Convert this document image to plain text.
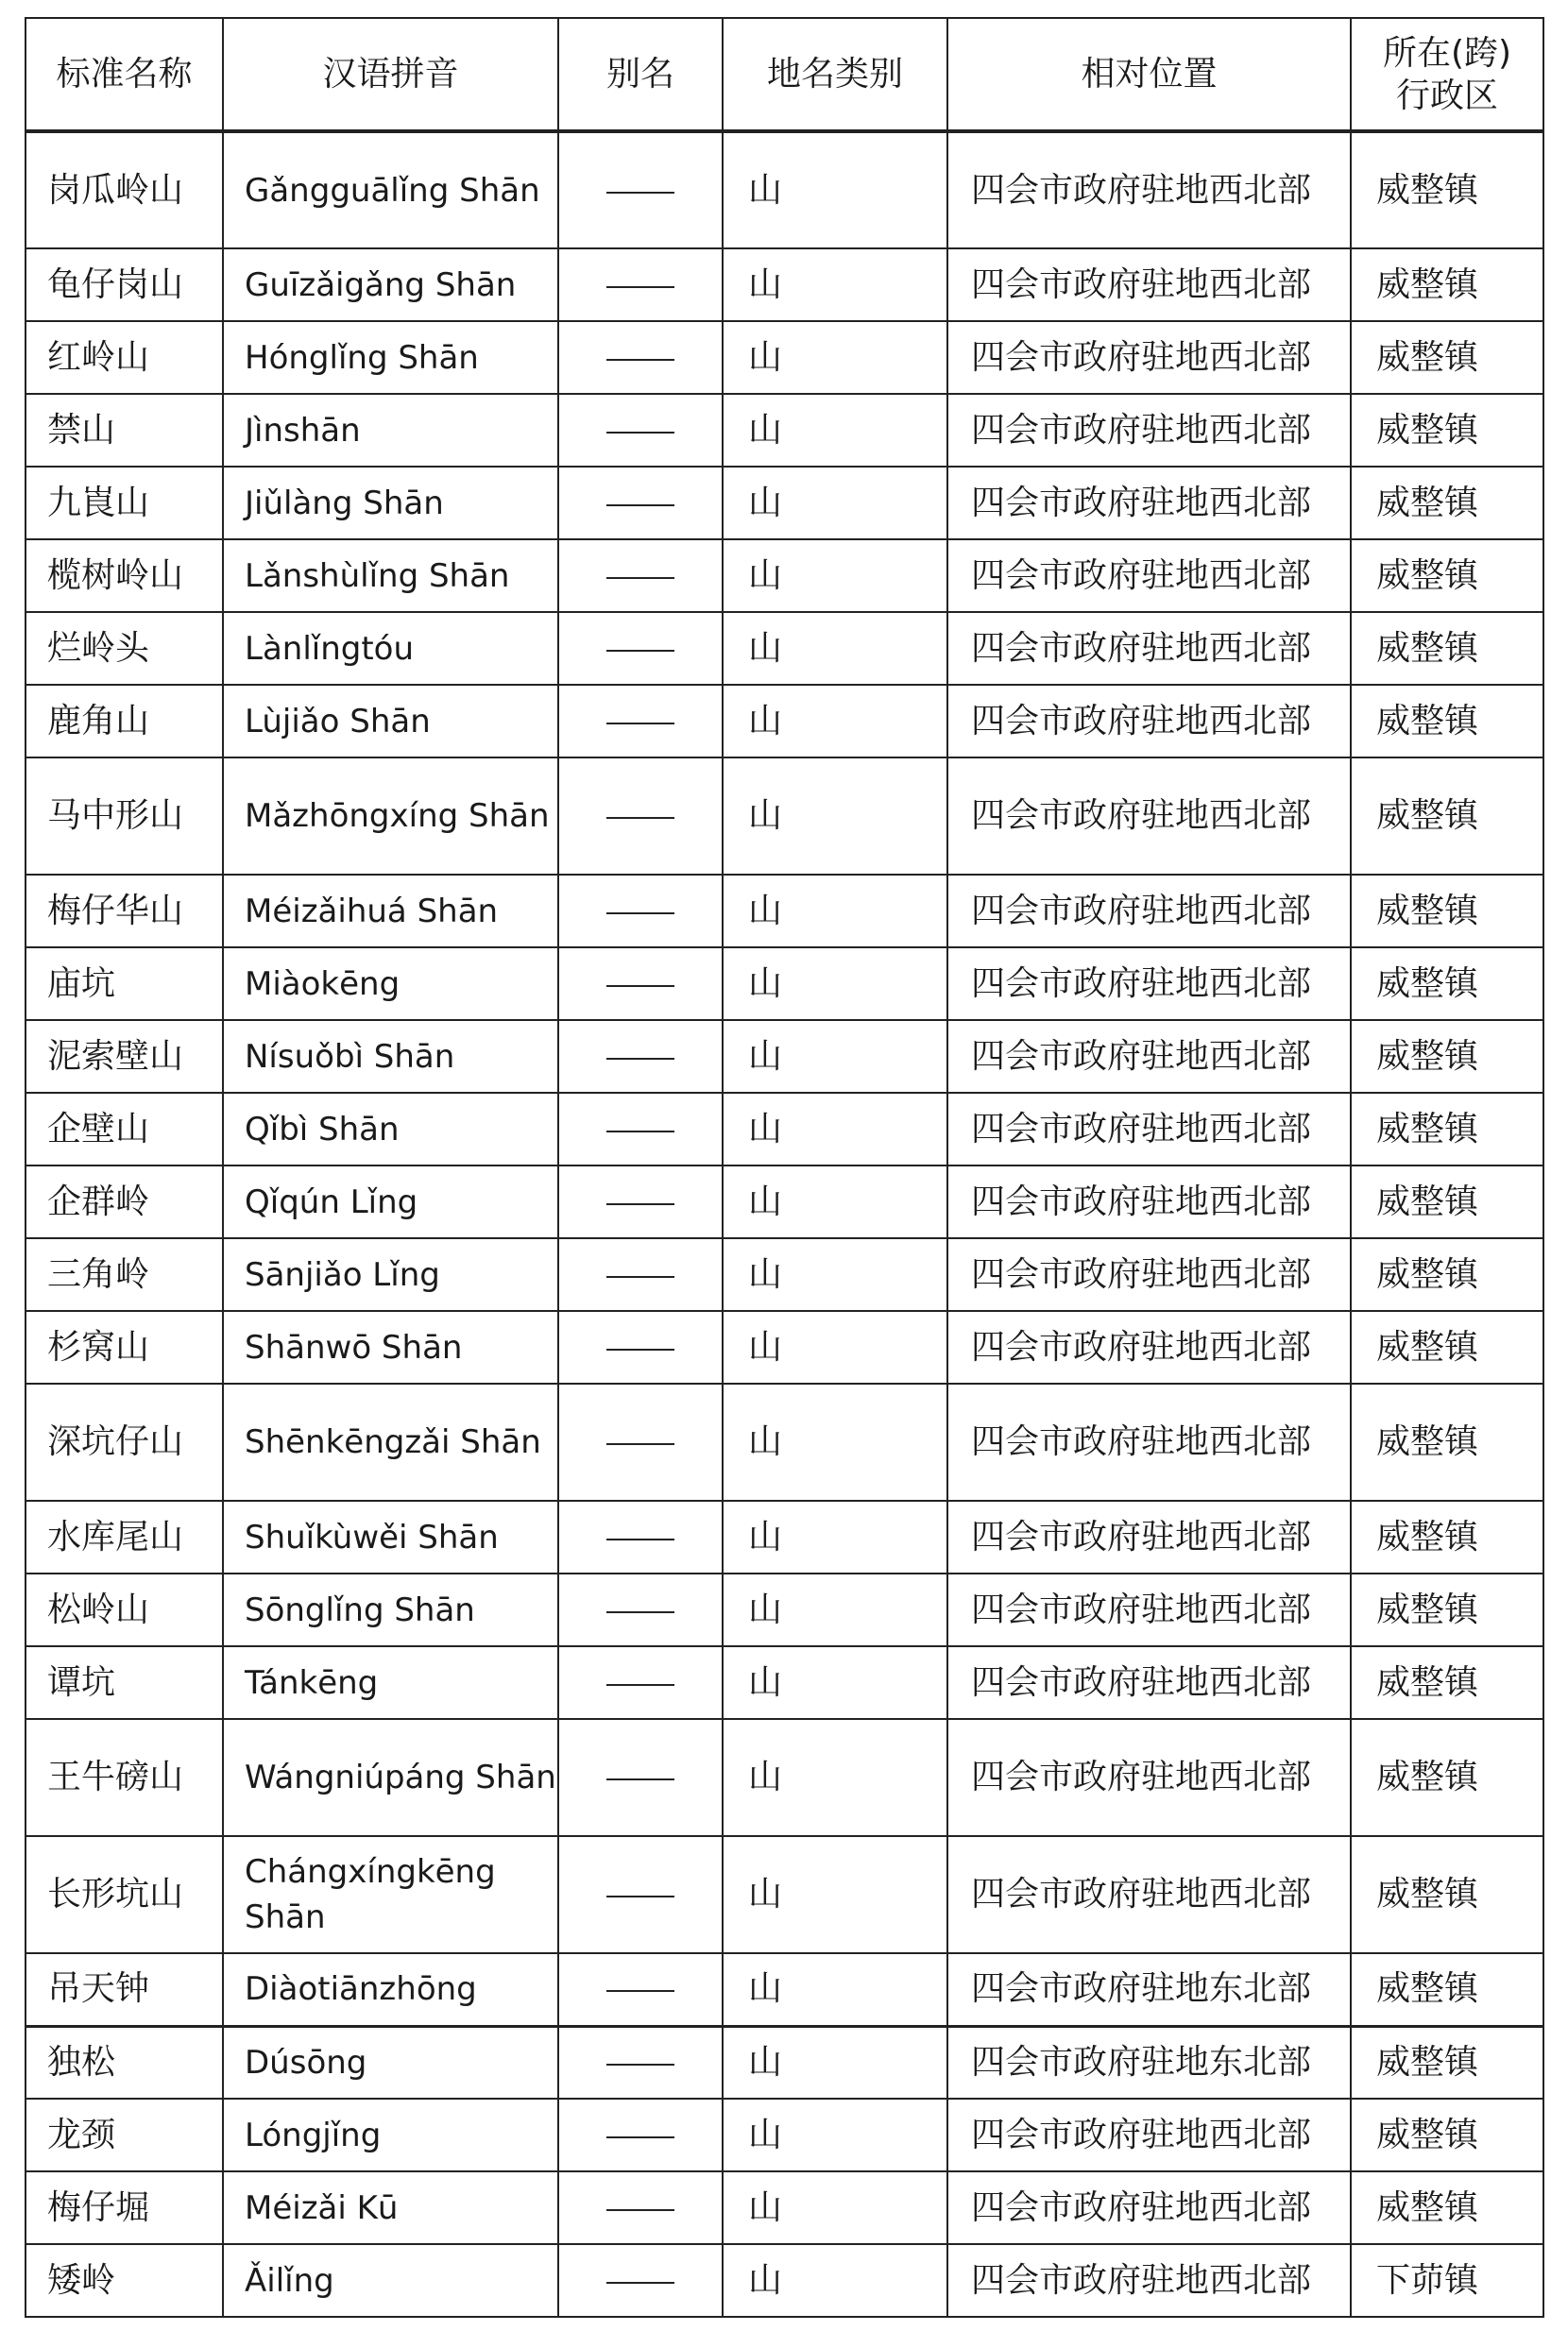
标准名称	汉语拼音	别名	地名类别	相对位置	所在(跨)
行政区

岗瓜岭山	Gǎngguālǐng Shān		山	四会市政府驻地西北部	威整镇
龟仔岗山	Guīzǎigǎng Shān		山	四会市政府驻地西北部	威整镇
红岭山	Hónglǐng Shān		山	四会市政府驻地西北部	威整镇
禁山	Jìnshān		山	四会市政府驻地西北部	威整镇
九崀山	Jiǔlàng Shān		山	四会市政府驻地西北部	威整镇
榄树岭山	Lǎnshùlǐng Shān		山	四会市政府驻地西北部	威整镇
烂岭头	Lànlǐngtóu		山	四会市政府驻地西北部	威整镇
鹿角山	Lùjiǎo Shān		山	四会市政府驻地西北部	威整镇
马中形山	Mǎzhōngxíng Shān		山	四会市政府驻地西北部	威整镇
梅仔华山	Méizǎihuá Shān		山	四会市政府驻地西北部	威整镇
庙坑	Miàokēng		山	四会市政府驻地西北部	威整镇
泥索壁山	Nísuǒbì Shān		山	四会市政府驻地西北部	威整镇
企壁山	Qǐbì Shān		山	四会市政府驻地西北部	威整镇
企群岭	Qǐqún Lǐng		山	四会市政府驻地西北部	威整镇
三角岭	Sānjiǎo Lǐng		山	四会市政府驻地西北部	威整镇
杉窝山	Shānwō Shān		山	四会市政府驻地西北部	威整镇
深坑仔山	Shēnkēngzǎi Shān		山	四会市政府驻地西北部	威整镇
水库尾山	Shuǐkùwěi Shān		山	四会市政府驻地西北部	威整镇
松岭山	Sōnglǐng Shān		山	四会市政府驻地西北部	威整镇
谭坑	Tánkēng		山	四会市政府驻地西北部	威整镇
王牛磅山	Wángniúpáng Shān		山	四会市政府驻地西北部	威整镇
长形坑山	Chángxíngkēng Shān		山	四会市政府驻地西北部	威整镇
吊天钟	Diàotiānzhōng		山	四会市政府驻地东北部	威整镇
独松	Dúsōng		山	四会市政府驻地东北部	威整镇
龙颈	Lóngjǐng		山	四会市政府驻地西北部	威整镇
梅仔堀	Méizǎi Kū		山	四会市政府驻地西北部	威整镇
矮岭	Ǎilǐng		山	四会市政府驻地西北部	下茆镇
